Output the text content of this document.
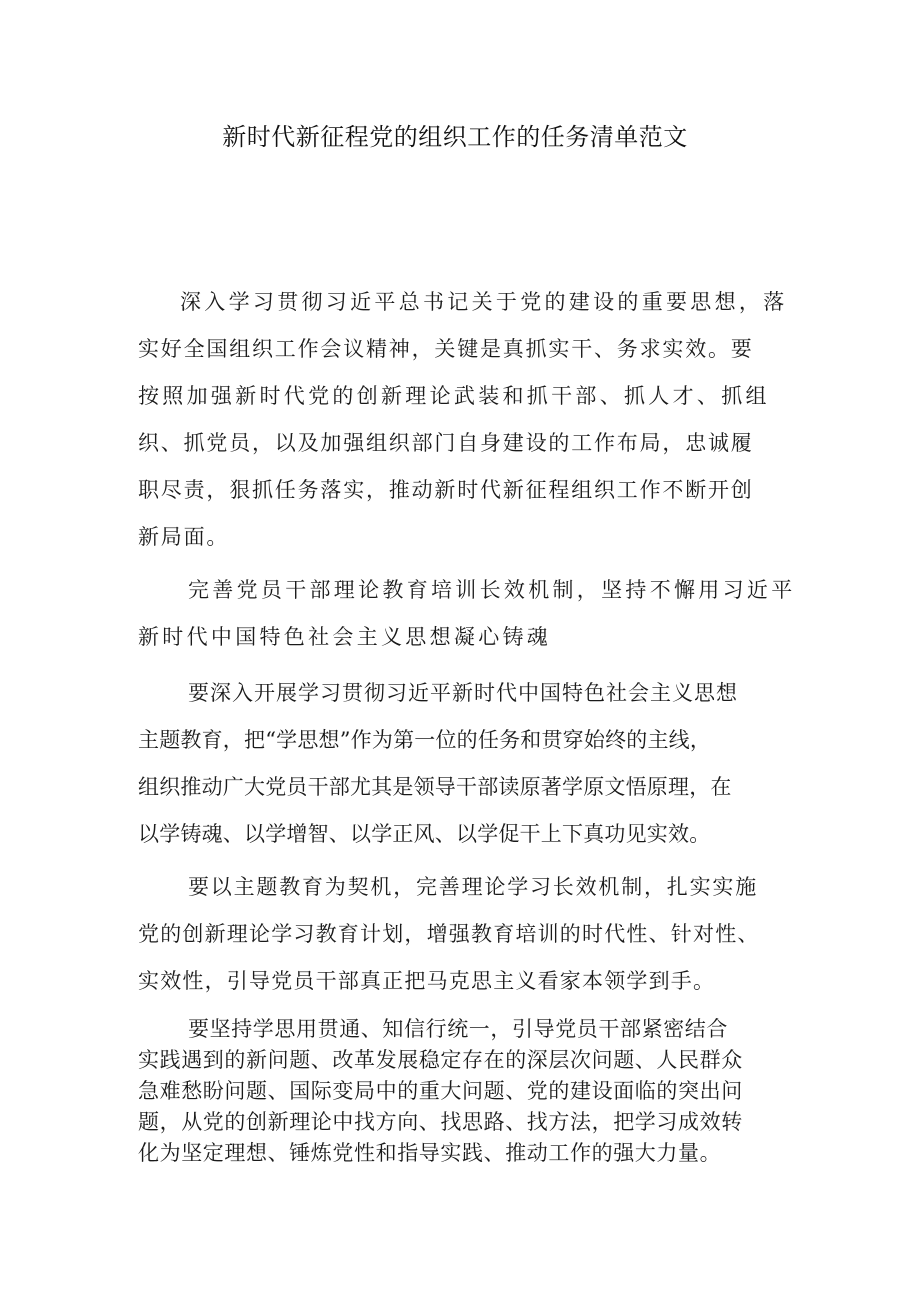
新时代新征程党的组织工作的任务清单范文

深入学习贯彻习近平总书记关于党的建设的重要思想，落

实好全国组织工作会议精神，关键是真抓实干、务求实效。要

按照加强新时代党的创新理论武装和抓干部、抓人才、抓组

织、抓党员，以及加强组织部门自身建设的工作布局，忠诚履

职尽责，狠抓任务落实，推动新时代新征程组织工作不断开创

新局面。

完善党员干部理论教育培训长效机制，坚持不懈用习近平

新时代中国特色社会主义思想凝心铸魂

要深入开展学习贯彻习近平新时代中国特色社会主义思想

主题教育，把“学思想”作为第一位的任务和贯穿始终的主线，

组织推动广大党员干部尤其是领导干部读原著学原文悟原理，在

以学铸魂、以学增智、以学正风、以学促干上下真功见实效。

要以主题教育为契机，完善理论学习长效机制，扎实实施

党的创新理论学习教育计划，增强教育培训的时代性、针对性、

实效性，引导党员干部真正把马克思主义看家本领学到手。

要坚持学思用贯通、知信行统一，引导党员干部紧密结合

实践遇到的新问题、改革发展稳定存在的深层次问题、人民群众

急难愁盼问题、国际变局中的重大问题、党的建设面临的突出问

题，从党的创新理论中找方向、找思路、找方法，把学习成效转

化为坚定理想、锤炼党性和指导实践、推动工作的强大力量。
